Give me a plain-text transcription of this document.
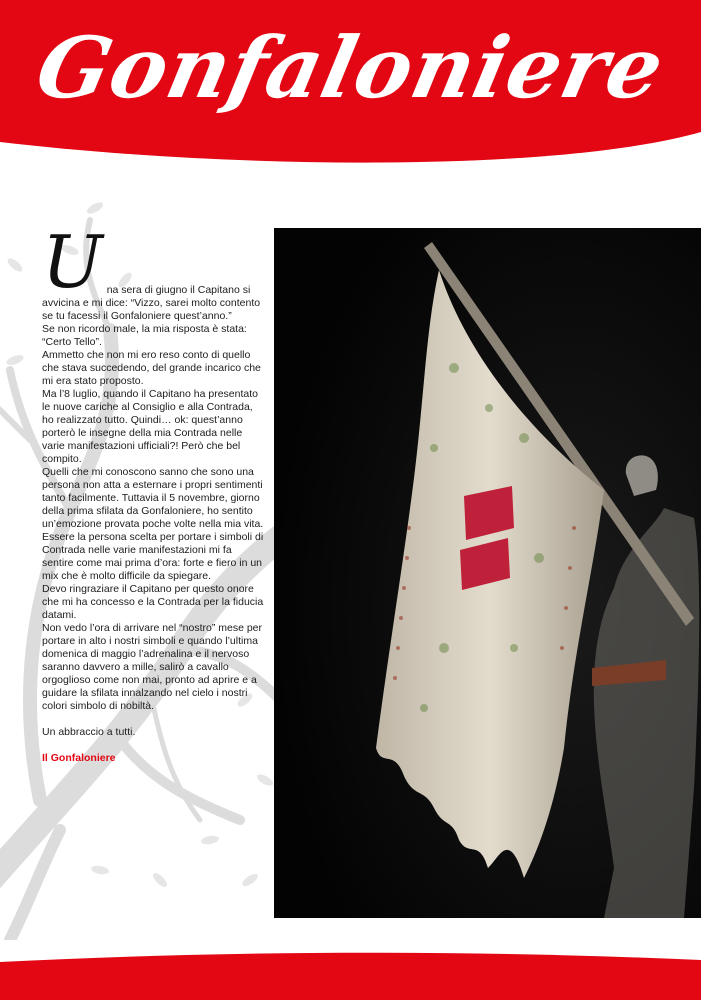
Gonfaloniere
U na sera di giugno il Capitano si avvicina e mi dice: “Vizzo, sarei molto contento se tu facessi il Gonfaloniere quest’anno.”

Se non ricordo male, la mia risposta è stata: “Certo Tello”.

Ammetto che non mi ero reso conto di quello che stava succedendo, del grande incarico che mi era stato proposto.

Ma l’8 luglio, quando il Capitano ha presentato le nuove cariche al Consiglio e alla Contrada, ho realizzato tutto. Quindi… ok: quest’anno porterò le insegne della mia Contrada nelle varie manifestazioni ufficiali?! Però che bel compito.

Quelli che mi conoscono sanno che sono una persona non atta a esternare i propri sentimenti tanto facilmente. Tuttavia il 5 novembre, giorno della prima sfilata da Gonfaloniere, ho sentito un’emozione provata poche volte nella mia vita. Essere la persona scelta per portare i simboli di Contrada nelle varie manifestazioni mi fa sentire come mai prima d’ora: forte e fiero in un mix che è molto difficile da spiegare.

Devo ringraziare il Capitano per questo onore che mi ha concesso e la Contrada per la fiducia datami.

Non vedo l’ora di arrivare nel “nostro” mese per portare in alto i nostri simboli e quando l’ultima domenica di maggio l’adrenalina e il nervoso saranno davvero a mille, salirò a cavallo orgoglioso come non mai, pronto ad aprire e a guidare la sfilata innalzando nel cielo i nostri colori simbolo di nobiltà.

Un abbraccio a tutti.

Il Gonfaloniere
